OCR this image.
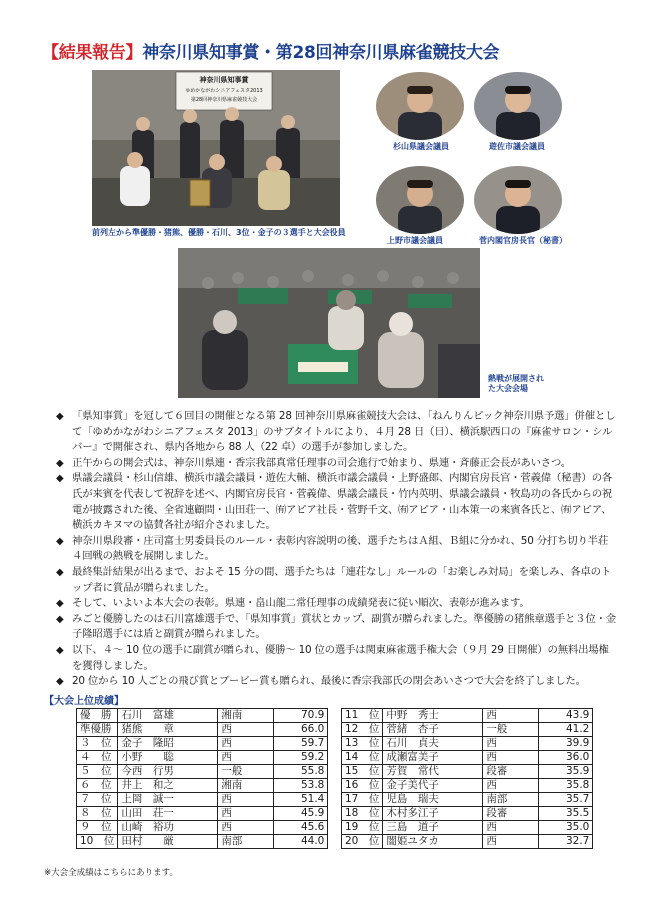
【結果報告】神奈川県知事賞・第28回神奈川県麻雀競技大会
神奈川県知事賞
ゆめかながわシニアフェスタ2013
第28回神奈川県麻雀競技大会
前列左から準優勝・猪熊、優勝・石川、3位・金子の３選手と大会役員
杉山県議会議員	遊佐市議会議員
上野市議会議員	菅内閣官房長官（秘書）
熱戦が展開された大会会場
◆ 「県知事賞」を冠して６回目の開催となる第 28 回神奈川県麻雀競技大会は、「ねんりんピック神奈川県予選」併催として「ゆめかながわシニアフェスタ 2013」のサブタイトルにより、４月 28 日（日）、横浜駅西口の『麻雀サロン・シルバー』で開催され、県内各地から 88 人（22 卓）の選手が参加しました。
◆ 正午からの開会式は、神奈川県連・香宗我部真常任理事の司会進行で始まり、県連・斉藤正会長があいさつ。
◆ 県議会議員・杉山信雄、横浜市議会議員・遊佐大輔、横浜市議会議員・上野盛郎、内閣官房長官・菅義偉（秘書）の各氏が来賓を代表して祝辞を述べ、内閣官房長官・菅義偉、県議会議長・竹内英明、県議会議員・牧島功の各氏からの祝電が披露された後、全省連顧問・山田荘一、㈲アピア社長・菅野千文、㈲アピア・山本策一の来賓各氏と、㈲アピア、横浜カキヌマの協賛各社が紹介されました。
◆ 神奈川県段審・庄司富士男委員長のルール・表彰内容説明の後、選手たちはＡ組、Ｂ組に分かれ、50 分打ち切り半荘４回戦の熱戦を展開しました。
◆ 最終集計結果が出るまで、およそ 15 分の間、選手たちは「連荘なし」ルールの「お楽しみ対局」を楽しみ、各卓のトップ者に賞品が贈られました。
◆ そして、いよいよ本大会の表彰。県連・畠山龍二常任理事の成績発表に従い順次、表彰が進みます。
◆ みごと優勝したのは石川富雄選手で、「県知事賞」賞状とカップ、副賞が贈られました。準優勝の猪熊章選手と３位・金子隆昭選手には盾と副賞が贈られました。
◆ 以下、４～ 10 位の選手に副賞が贈られ、優勝～ 10 位の選手は関東麻雀選手権大会（９月 29 日開催）の無料出場権を獲得しました。
◆ 20 位から 10 人ごとの飛び賞とブービー賞も贈られ、最後に香宗我部氏の閉会あいさつで大会を終了しました。
【大会上位成績】
優　勝	石川　富雄	湘南	70.9
準優勝	猪熊　　章	西	66.0
３　位	金子　隆昭	西	59.7
４　位	小野　　聡	西	59.2
５　位	今西　行男	一般	55.8
６　位	井上　和之	湘南	53.8
７　位	上岡　誠一	西	51.4
８　位	山田　荘一	西	45.9
９　位	山崎　裕功	西	45.6
10　位	田村　　厳	南部	44.0
11　位	中野　秀士	西	43.9
12　位	菅緒　杏子	一般	41.2
13　位	石川　貞夫	西	39.9
14　位	成瀬富美子	西	36.0
15　位	芳賀　常代	段審	35.9
16　位	金子美代子	西	35.8
17　位	児島　瑞夫	南部	35.7
18　位	木村多江子	段審	35.5
19　位	三島　道子	西	35.0
20　位	闇姫ユタカ	西	32.7
※大会全成績はこちらにあります。
